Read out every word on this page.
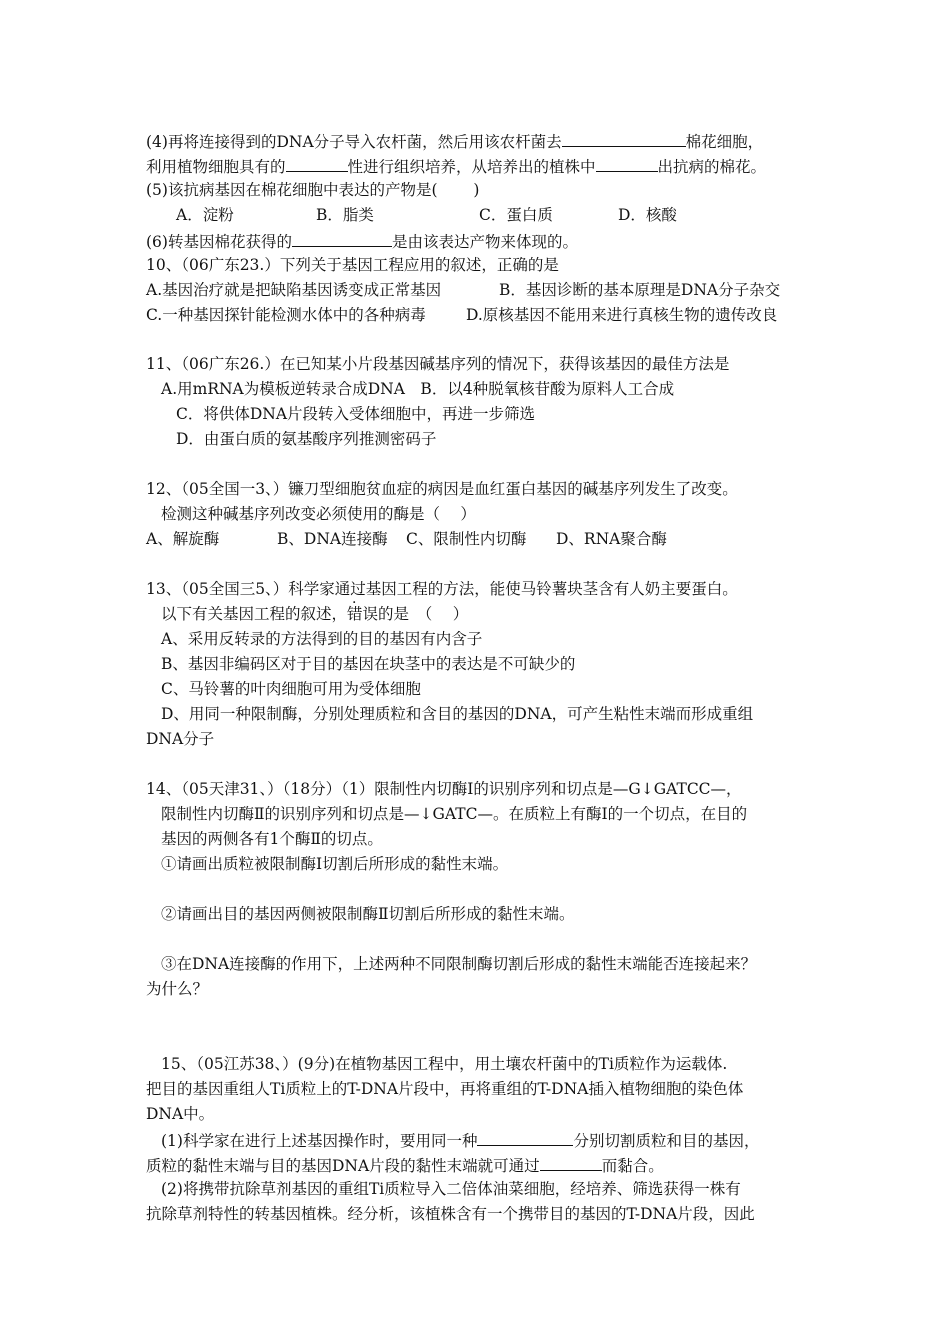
(4)再将连接得到的DNA分子导入农杆菌，然后用该农杆菌去	棉花细胞，
利用植物细胞具有的	性进行组织培养，从培养出的植株中	出抗病的棉花。
(5)该抗病基因在棉花细胞中表达的产物是(　　 )
A．淀粉	B．脂类	C．蛋白质	D．核酸
(6)转基因棉花获得的	是由该表达产物来体现的。
10、（06广东23.）下列关于基因工程应用的叙述，正确的是
A.基因治疗就是把缺陷基因诱变成正常基因	B．基因诊断的基本原理是DNA分子杂交
C.一种基因探针能检测水体中的各种病毒	D.原核基因不能用来进行真核生物的遗传改良
11、（06广东26.）在已知某小片段基因碱基序列的情况下，获得该基因的最佳方法是
A.用mRNA为模板逆转录合成DNA　B．以4种脱氧核苷酸为原料人工合成
C．将供体DNA片段转入受体细胞中，再进一步筛选
D．由蛋白质的氨基酸序列推测密码子
12、（05全国一3、）镰刀型细胞贫血症的病因是血红蛋白基因的碱基序列发生了改变。
检测这种碱基序列改变必须使用的酶是（　 ）
A、解旋酶	B、DNA连接酶 C、限制性内切酶 D、RNA聚合酶
13、（05全国三5、）科学家通过基因工程的方法，能使马铃薯块茎含有人奶主要蛋白。
以下有关基因工程的叙述，错误的是　（　 ）
A、采用反转录的方法得到的目的基因有内含子
B、基因非编码区对于目的基因在块茎中的表达是不可缺少的
C、马铃薯的叶肉细胞可用为受体细胞
D、用同一种限制酶，分别处理质粒和含目的基因的DNA，可产生粘性末端而形成重组
DNA分子
14、（05天津31、）（18分）（1）限制性内切酶Ⅰ的识别序列和切点是—G↓GATCC—，
限制性内切酶Ⅱ的识别序列和切点是—↓GATC—。在质粒上有酶Ⅰ的一个切点，在目的
基因的两侧各有1个酶Ⅱ的切点。
①请画出质粒被限制酶Ⅰ切割后所形成的黏性末端。
②请画出目的基因两侧被限制酶Ⅱ切割后所形成的黏性末端。
③在DNA连接酶的作用下，上述两种不同限制酶切割后形成的黏性末端能否连接起来？
为什么？
15、（05江苏38、）(9分)在植物基因工程中，用土壤农杆菌中的Ti质粒作为运载体.
把目的基因重组人Ti质粒上的T-DNA片段中，再将重组的T-DNA插入植物细胞的染色体
DNA中。
(1)科学家在进行上述基因操作时，要用同一种	分别切割质粒和目的基因，
质粒的黏性末端与目的基因DNA片段的黏性末端就可通过	而黏合。
(2)将携带抗除草剂基因的重组Ti质粒导入二倍体油菜细胞，经培养、筛选获得一株有
抗除草剂特性的转基因植株。经分析，该植株含有一个携带目的基因的T-DNA片段，因此
